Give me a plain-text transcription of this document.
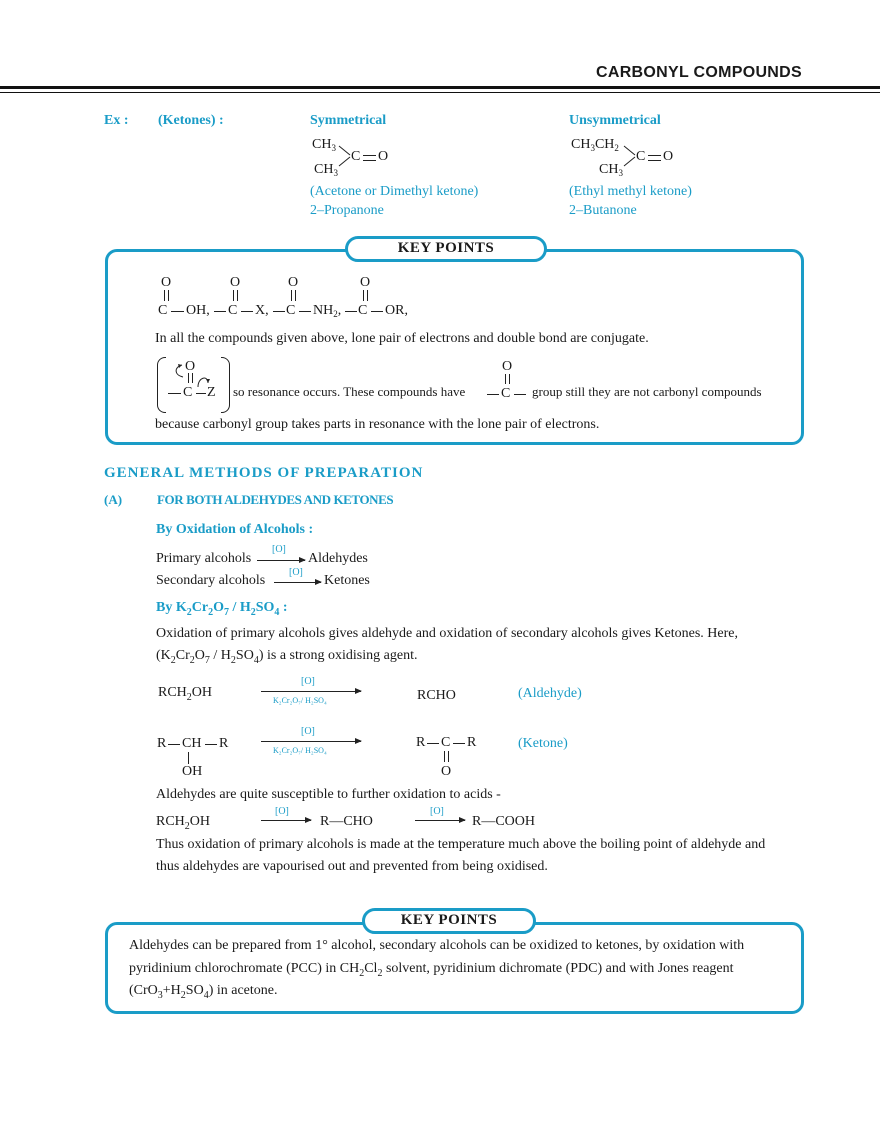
CARBONYL COMPOUNDS
Ex : (Ketones) :	Symmetrical
$CH_3$
$CH_3$
C O
(Acetone or Dimethyl ketone)
2–Propanone
Unsymmetrical
$CH_3CH_2$
$CH_3$
C O
(Ethyl methyl ketone)
2–Butanone
KEY POINTS
O	O	O	O
C OH, C X, C $NH_2$, C OR,
In all the compounds given above, lone pair of electrons and double bond are conjugate.
O
C Z so resonance occurs. These compounds have
O
C group still they are not carbonyl compounds
because carbonyl group takes parts in resonance with the lone pair of electrons.
GENERAL METHODS OF PREPARATION
(A)	FOR BOTH ALDEHYDES AND KETONES
By Oxidation of Alcohols :
Primary alcohols
[O]
→ Aldehydes
Secondary alcohols
[O]
→ Ketones
By $K_2Cr_2O_7 / H_2SO_4$ :
Oxidation of primary alcohols gives aldehyde and oxidation of secondary alcohols gives Ketones. Here,
$(K_2Cr_2O_7 / H_2SO_4)$ is a strong oxidising agent.
$RCH_2OH$
[O]
K₂Cr₂O₇/ H₂SO₄	RCHO	(Aldehyde)
R CH R
OH
[O]
K₂Cr₂O₇/ H₂SO₄
R C R
O
(Ketone)
Aldehydes are quite susceptible to further oxidation to acids -
$RCH_2OH$
[O]
→ R—CHO
[O]
→ R—COOH
Thus oxidation of primary alcohols is made at the temperature much above the boiling point of aldehyde and
thus aldehydes are vapourised out and prevented from being oxidised.
KEY POINTS
Aldehydes can be prepared from 1° alcohol, secondary alcohols can be oxidized to ketones, by oxidation with
pyridinium chlorochromate (PCC) in $CH_2Cl_2$ solvent, pyridinium dichromate (PDC) and with Jones reagent
$(CrO_3+H_2SO_4)$ in acetone.
